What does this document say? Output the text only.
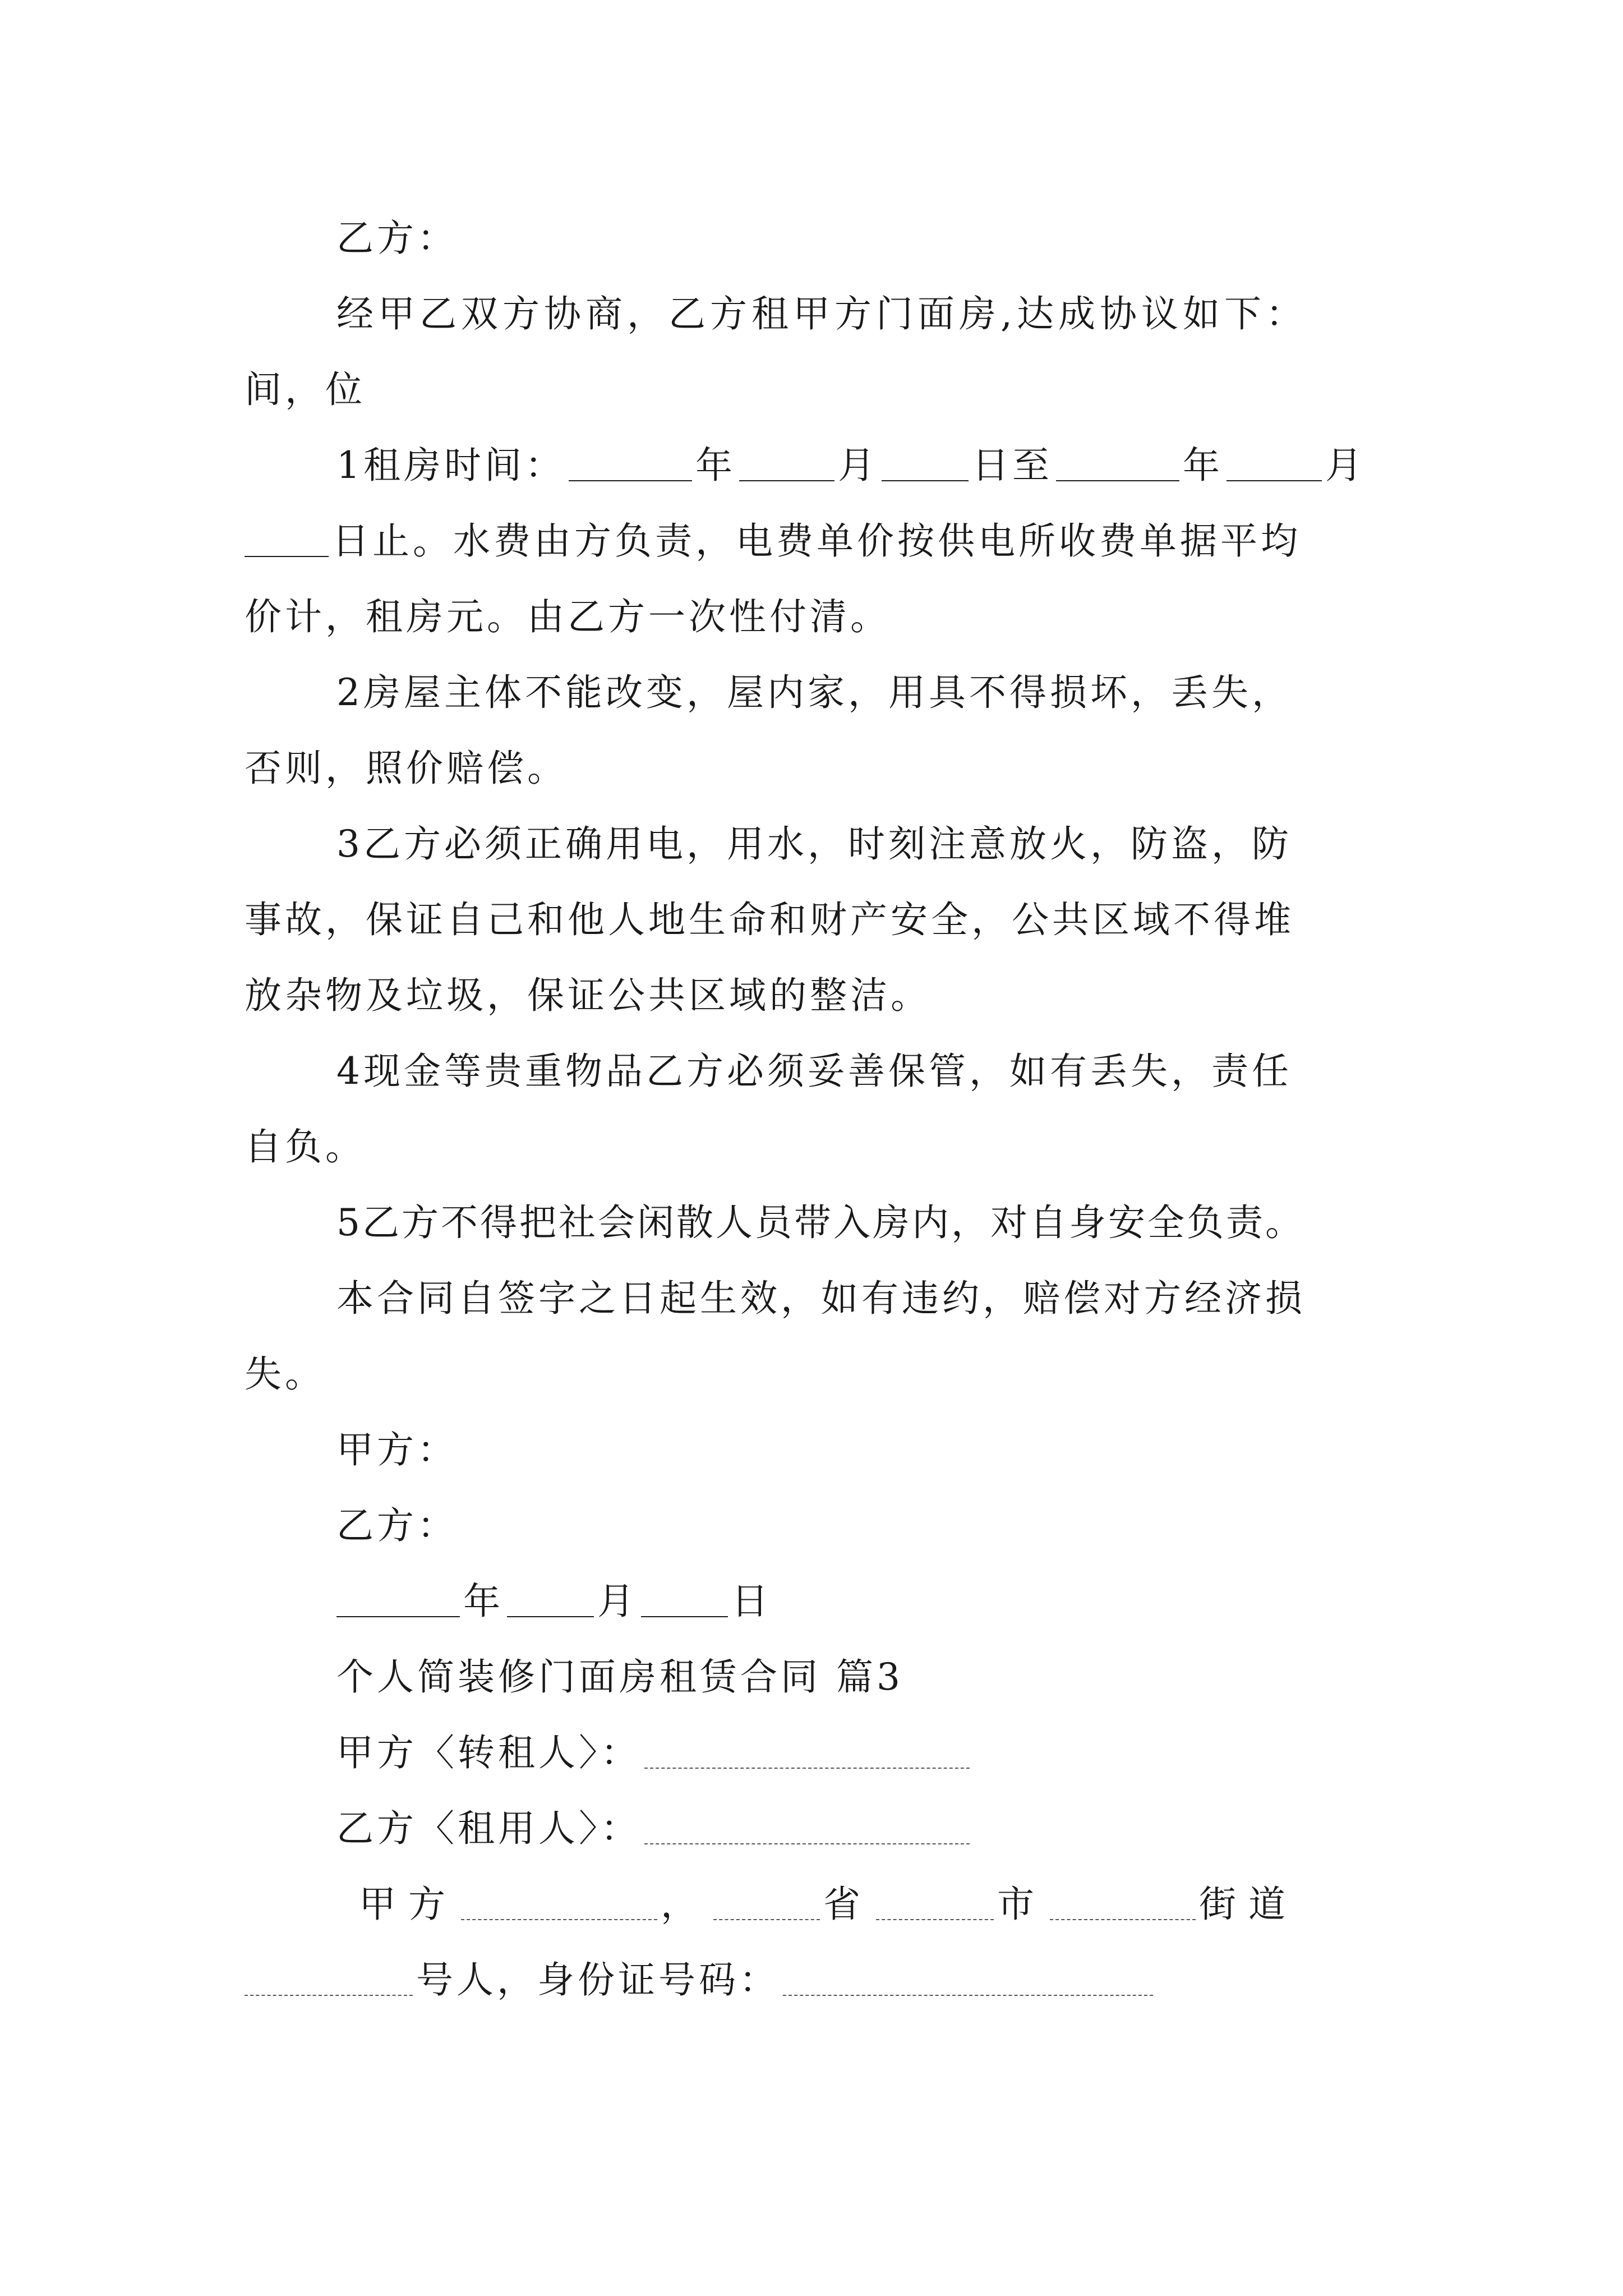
乙方：
经甲乙双方协商，乙方租甲方门面房,达成协议如下：
间，位
1租房时间：	年	月	日至	年	月
日止。水费由方负责，电费单价按供电所收费单据平均
价计，租房元。由乙方一次性付清。
2房屋主体不能改变，屋内家，用具不得损坏，丢失，
否则，照价赔偿。
3乙方必须正确用电，用水，时刻注意放火，防盗，防
事故，保证自己和他人地生命和财产安全，公共区域不得堆
放杂物及垃圾，保证公共区域的整洁。
4现金等贵重物品乙方必须妥善保管，如有丢失，责任
自负。
5乙方不得把社会闲散人员带入房内，对自身安全负责。
本合同自签字之日起生效，如有违约，赔偿对方经济损
失。
甲方：
乙方：
年	月	日
个人简装修门面房租赁合同 篇3
甲方〈转租人〉：
乙方〈租用人〉：
甲方	，	省	市	街道
号人，身份证号码：
